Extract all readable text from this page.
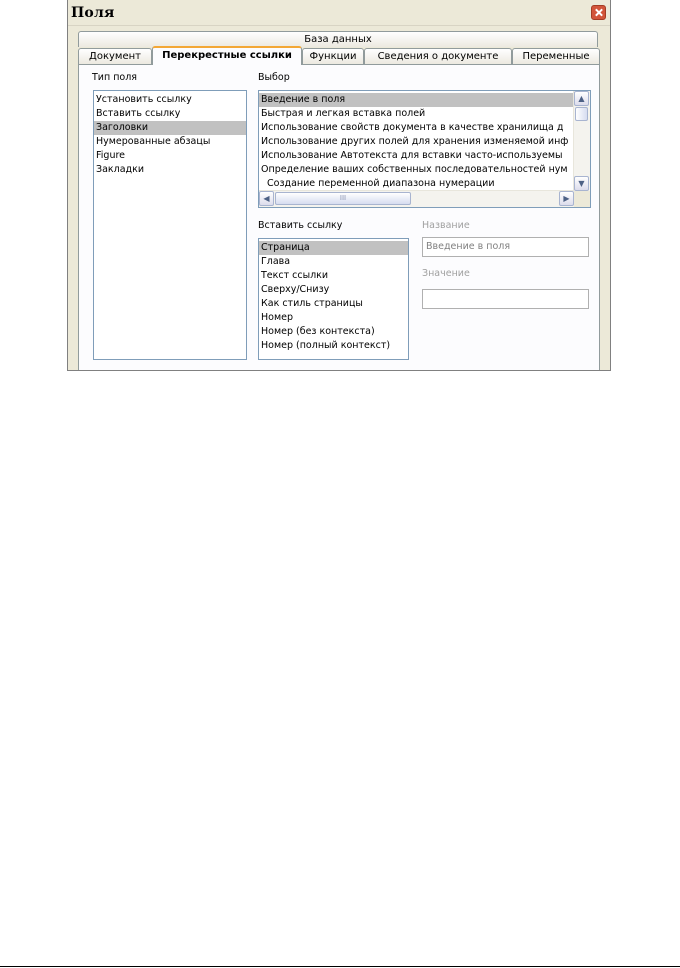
Поля
База данных
Документ	Перекрестные ссылки	Функции	Сведения о документе	Переменные
Тип поля
Установить ссылку
Вставить ссылку
Заголовки
Нумерованные абзацы
Figure
Закладки
Выбор
Введение в поля
Быстрая и легкая вставка полей
Использование свойств документа в качестве хранилища д
Использование других полей для хранения изменяемой инф
Использование Автотекста для вставки часто-используемы
Определение ваших собственных последовательностей нум
Создание переменной диапазона нумерации
▲
▼
◀	III	▶
Вставить ссылку
Страница
Глава
Текст ссылки
Сверху/Снизу
Как стиль страницы
Номер
Номер (без контекста)
Номер (полный контекст)
Название
Введение в поля
Значение
